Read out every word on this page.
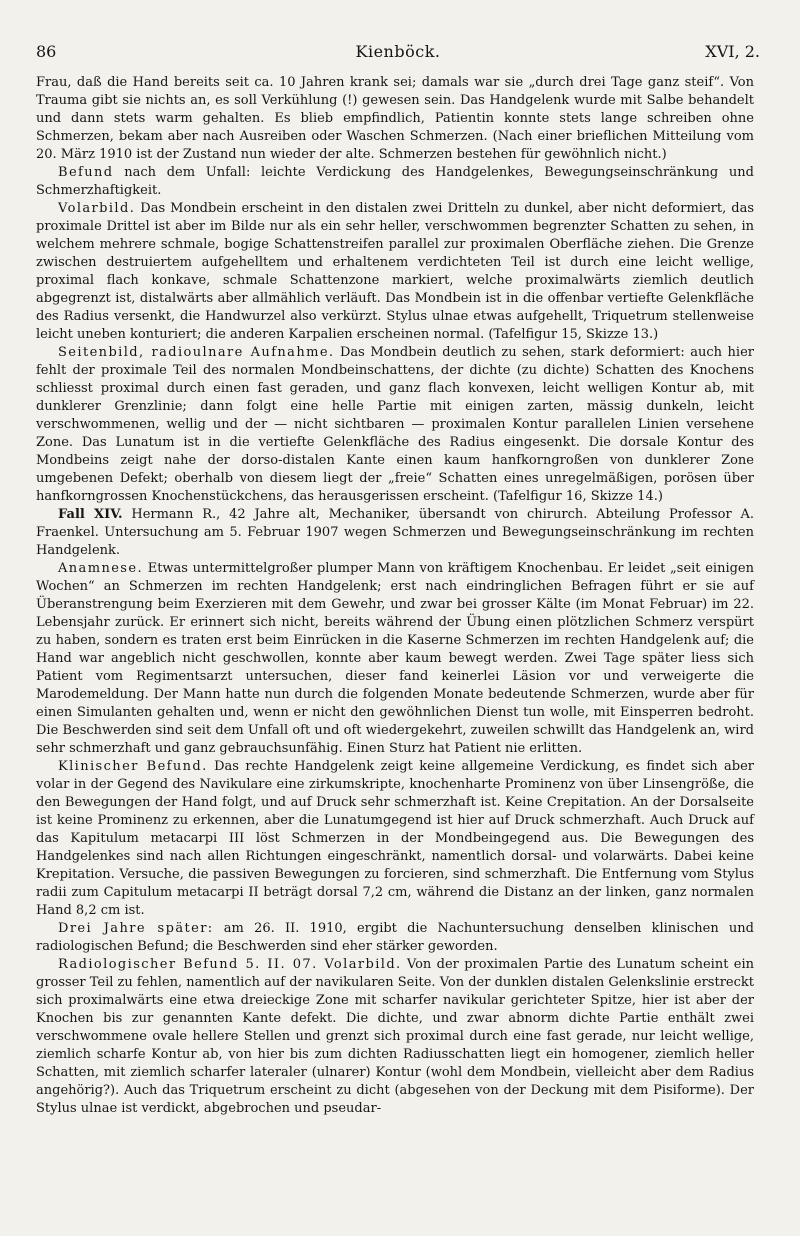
86	Kienböck.	XVI, 2.

Frau, daß die Hand bereits seit ca. 10 Jahren krank sei; damals war sie „durch drei Tage ganz steif“. Von Trauma gibt sie nichts an, es soll Verkühlung (!) gewesen sein. Das Handgelenk wurde mit Salbe behandelt und dann stets warm gehalten. Es blieb empfindlich, Patientin konnte stets lange schreiben ohne Schmerzen, bekam aber nach Ausreiben oder Waschen Schmerzen. (Nach einer brieflichen Mitteilung vom 20. März 1910 ist der Zustand nun wieder der alte. Schmerzen bestehen für gewöhnlich nicht.)

Befund nach dem Unfall: leichte Verdickung des Handgelenkes, Bewegungseinschränkung und Schmerzhaftigkeit.

Volarbild. Das Mondbein erscheint in den distalen zwei Dritteln zu dunkel, aber nicht deformiert, das proximale Drittel ist aber im Bilde nur als ein sehr heller, verschwommen begrenzter Schatten zu sehen, in welchem mehrere schmale, bogige Schattenstreifen parallel zur proximalen Oberfläche ziehen. Die Grenze zwischen destruiertem aufgehelltem und erhaltenem verdichteten Teil ist durch eine leicht wellige, proximal flach konkave, schmale Schattenzone markiert, welche proximalwärts ziemlich deutlich abgegrenzt ist, distalwärts aber allmählich verläuft. Das Mondbein ist in die offenbar vertiefte Gelenkfläche des Radius versenkt, die Handwurzel also verkürzt. Stylus ulnae etwas aufgehellt, Triquetrum stellenweise leicht uneben konturiert; die anderen Karpalien erscheinen normal. (Tafelfigur 15, Skizze 13.)

Seitenbild, radioulnare Aufnahme. Das Mondbein deutlich zu sehen, stark deformiert: auch hier fehlt der proximale Teil des normalen Mondbeinschattens, der dichte (zu dichte) Schatten des Knochens schliesst proximal durch einen fast geraden, und ganz flach konvexen, leicht welligen Kontur ab, mit dunklerer Grenzlinie; dann folgt eine helle Partie mit einigen zarten, mässig dunkeln, leicht verschwommenen, wellig und der — nicht sichtbaren — proximalen Kontur parallelen Linien versehene Zone. Das Lunatum ist in die vertiefte Gelenkfläche des Radius eingesenkt. Die dorsale Kontur des Mondbeins zeigt nahe der dorso-distalen Kante einen kaum hanfkorngroßen von dunklerer Zone umgebenen Defekt; oberhalb von diesem liegt der „freie“ Schatten eines unregelmäßigen, porösen über hanfkorngrossen Knochenstückchens, das herausgerissen erscheint. (Tafelfigur 16, Skizze 14.)

Fall XIV. Hermann R., 42 Jahre alt, Mechaniker, übersandt von chirurch. Abteilung Professor A. Fraenkel. Untersuchung am 5. Februar 1907 wegen Schmerzen und Bewegungseinschränkung im rechten Handgelenk.

Anamnese. Etwas untermittelgroßer plumper Mann von kräftigem Knochenbau. Er leidet „seit einigen Wochen“ an Schmerzen im rechten Handgelenk; erst nach eindringlichen Befragen führt er sie auf Überanstrengung beim Exerzieren mit dem Gewehr, und zwar bei grosser Kälte (im Monat Februar) im 22. Lebensjahr zurück. Er erinnert sich nicht, bereits während der Übung einen plötzlichen Schmerz verspürt zu haben, sondern es traten erst beim Einrücken in die Kaserne Schmerzen im rechten Handgelenk auf; die Hand war angeblich nicht geschwollen, konnte aber kaum bewegt werden. Zwei Tage später liess sich Patient vom Regimentsarzt untersuchen, dieser fand keinerlei Läsion vor und verweigerte die Marodemeldung. Der Mann hatte nun durch die folgenden Monate bedeutende Schmerzen, wurde aber für einen Simulanten gehalten und, wenn er nicht den gewöhnlichen Dienst tun wolle, mit Einsperren bedroht. Die Beschwerden sind seit dem Unfall oft und oft wiedergekehrt, zuweilen schwillt das Handgelenk an, wird sehr schmerzhaft und ganz gebrauchsunfähig. Einen Sturz hat Patient nie erlitten.

Klinischer Befund. Das rechte Handgelenk zeigt keine allgemeine Verdickung, es findet sich aber volar in der Gegend des Navikulare eine zirkumskripte, knochenharte Prominenz von über Linsengröße, die den Bewegungen der Hand folgt, und auf Druck sehr schmerzhaft ist. Keine Crepitation. An der Dorsalseite ist keine Prominenz zu erkennen, aber die Lunatumgegend ist hier auf Druck schmerzhaft. Auch Druck auf das Kapitulum metacarpi III löst Schmerzen in der Mondbeingegend aus. Die Bewegungen des Handgelenkes sind nach allen Richtungen eingeschränkt, namentlich dorsal- und volarwärts. Dabei keine Krepitation. Versuche, die passiven Bewegungen zu forcieren, sind schmerzhaft. Die Entfernung vom Stylus radii zum Capitulum metacarpi II beträgt dorsal 7,2 cm, während die Distanz an der linken, ganz normalen Hand 8,2 cm ist.

Drei Jahre später: am 26. II. 1910, ergibt die Nachuntersuchung denselben klinischen und radiologischen Befund; die Beschwerden sind eher stärker geworden.

Radiologischer Befund 5. II. 07. Volarbild. Von der proximalen Partie des Lunatum scheint ein grosser Teil zu fehlen, namentlich auf der navikularen Seite. Von der dunklen distalen Gelenkslinie erstreckt sich proximalwärts eine etwa dreieckige Zone mit scharfer navikular gerichteter Spitze, hier ist aber der Knochen bis zur genannten Kante defekt. Die dichte, und zwar abnorm dichte Partie enthält zwei verschwommene ovale hellere Stellen und grenzt sich proximal durch eine fast gerade, nur leicht wellige, ziemlich scharfe Kontur ab, von hier bis zum dichten Radiusschatten liegt ein homogener, ziemlich heller Schatten, mit ziemlich scharfer lateraler (ulnarer) Kontur (wohl dem Mondbein, vielleicht aber dem Radius angehörig?). Auch das Triquetrum erscheint zu dicht (abgesehen von der Deckung mit dem Pisiforme). Der Stylus ulnae ist verdickt, abgebrochen und pseudar-
